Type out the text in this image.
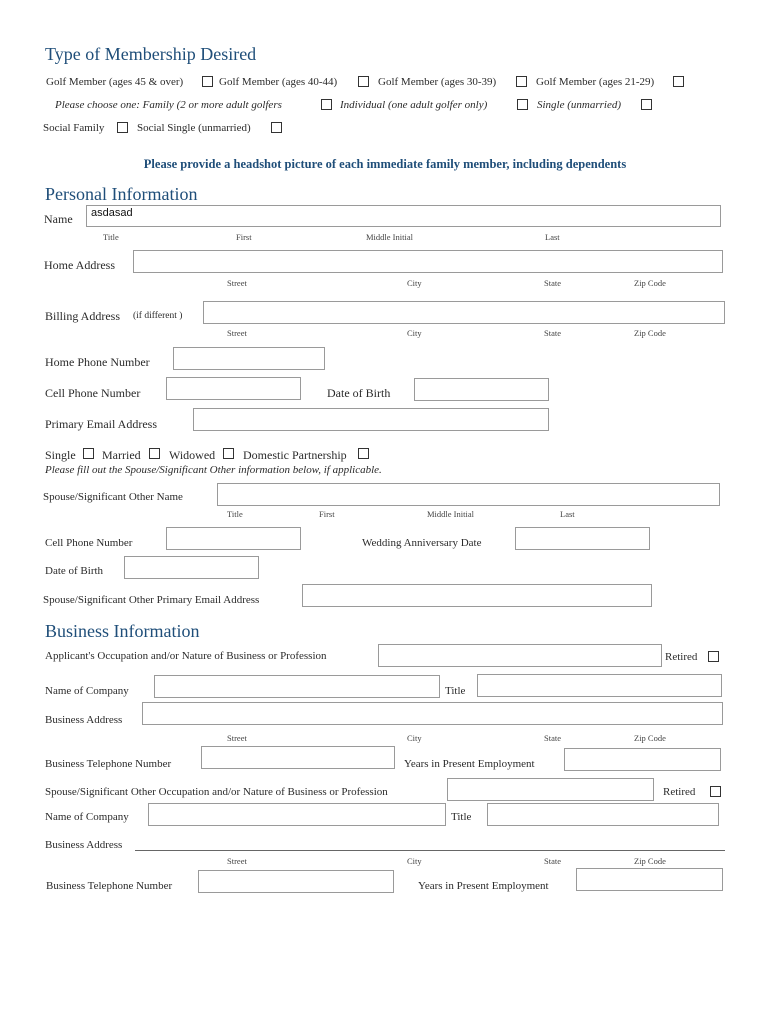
Type of Membership Desired
Golf Member (ages 45 & over)	Golf Member (ages 40-44)	Golf Member (ages 30-39)	Golf Member (ages 21-29)
Please choose one: Family (2 or more adult golfers	Individual (one adult golfer only)	Single (unmarried)
Social Family	Social Single (unmarried)
Please provide a headshot picture of each immediate family member, including dependents
Personal Information
Name	asdasad
Title	First	Middle Initial	Last
Home Address
Street	City	State	Zip Code
Billing Address (if different )
Street	City	State	Zip Code
Home Phone Number
Cell Phone Number	Date of Birth
Primary Email Address
Single Married Widowed Domestic Partnership
Please fill out the Spouse/Significant Other information below, if applicable.
Spouse/Significant Other Name
Title	First	Middle Initial	Last
Cell Phone Number	Wedding Anniversary Date
Date of Birth
Spouse/Significant Other Primary Email Address
Business Information
Applicant's Occupation and/or Nature of Business or Profession	Retired
Name of Company	Title
Business Address
Street	City	State	Zip Code
Business Telephone Number	Years in Present Employment
Spouse/Significant Other Occupation and/or Nature of Business or Profession	Retired
Name of Company	Title
Business Address
Street	City	State	Zip Code
Business Telephone Number	Years in Present Employment
